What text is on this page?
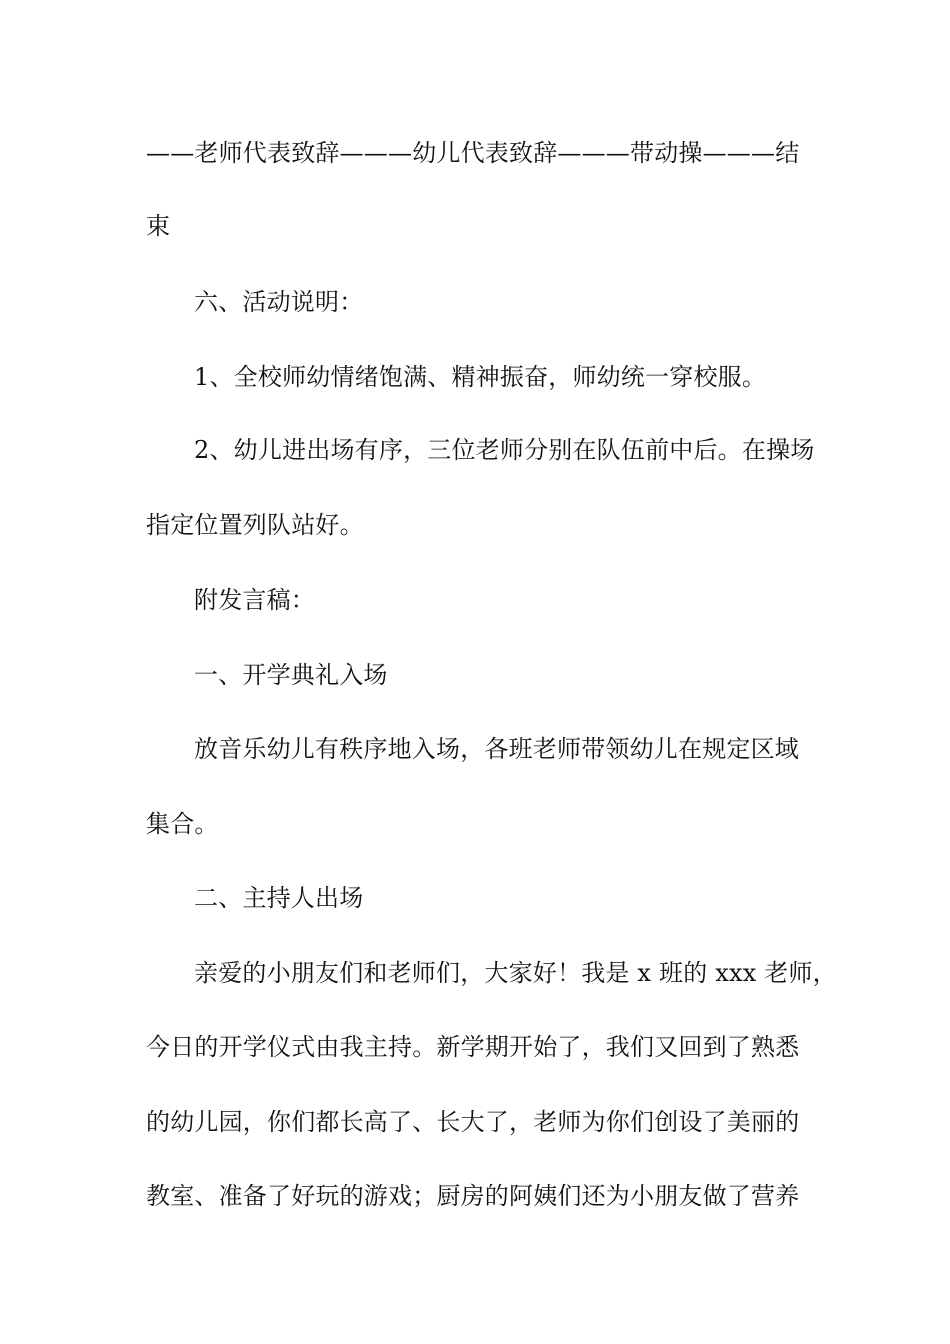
——老师代表致辞———幼儿代表致辞———带动操———结
束
六、活动说明：
1、全校师幼情绪饱满、精神振奋，师幼统一穿校服。
2、幼儿进出场有序，三位老师分别在队伍前中后。在操场
指定位置列队站好。
附发言稿：
一、开学典礼入场
放音乐幼儿有秩序地入场，各班老师带领幼儿在规定区域
集合。
二、主持人出场
亲爱的小朋友们和老师们，大家好！我是 x 班的 xxx 老师，
今日的开学仪式由我主持。新学期开始了，我们又回到了熟悉
的幼儿园，你们都长高了、长大了，老师为你们创设了美丽的
教室、准备了好玩的游戏；厨房的阿姨们还为小朋友做了营养
